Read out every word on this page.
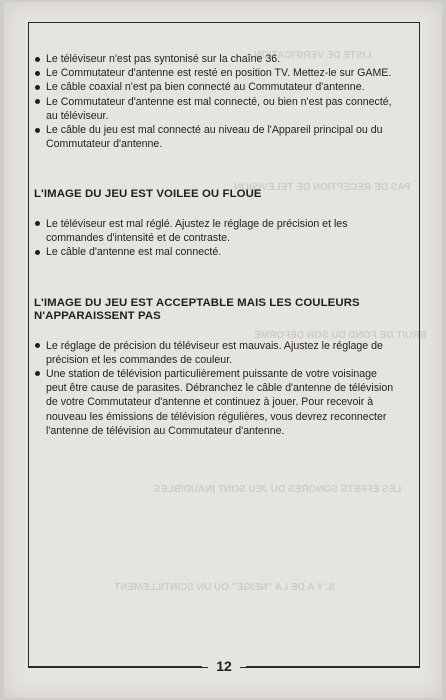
LISTE DE VERIFICATION
PAS DE RECEPTION DE TELEVISION
BRUIT DE FOND DU SON DEFORME
LES EFFETS SONORES DU JEU SONT INAUDIBLES
IL Y A DE LA "NEIGE" OU UN SCINTILLEMENT
Le téléviseur n'est pas syntonisé sur la chaîne 36.
Le Commutateur d'antenne est resté en position TV. Mettez-le sur GAME.
Le câble coaxial n'est pa bien connecté au Commutateur d'antenne.
Le Commutateur d'antenne est mal connecté, ou bien n'est pas connecté, au téléviseur.
Le câble du jeu est mal connecté au niveau de l'Appareil principal ou du Commutateur d'antenne.
L'IMAGE DU JEU EST VOILEE OU FLOUE
Le téléviseur est mal réglé. Ajustez le réglage de précision et les commandes d'intensité et de contraste.
Le câble d'antenne est mal connecté.
L'IMAGE DU JEU EST ACCEPTABLE MAIS LES COULEURS N'APPARAISSENT PAS
Le réglage de précision du téléviseur est mauvais. Ajustez le réglage de précision et les commandes de couleur.
Une station de télévision particulièrement puissante de votre voisinage peut être cause de parasites. Débranchez le câble d'antenne de télévision de votre Commutateur d'antenne et continuez à jouer. Pour recevoir à nouveau les émissions de télévision régulières, vous devrez reconnecter l'antenne de télévision au Commutateur d'antenne.
12
